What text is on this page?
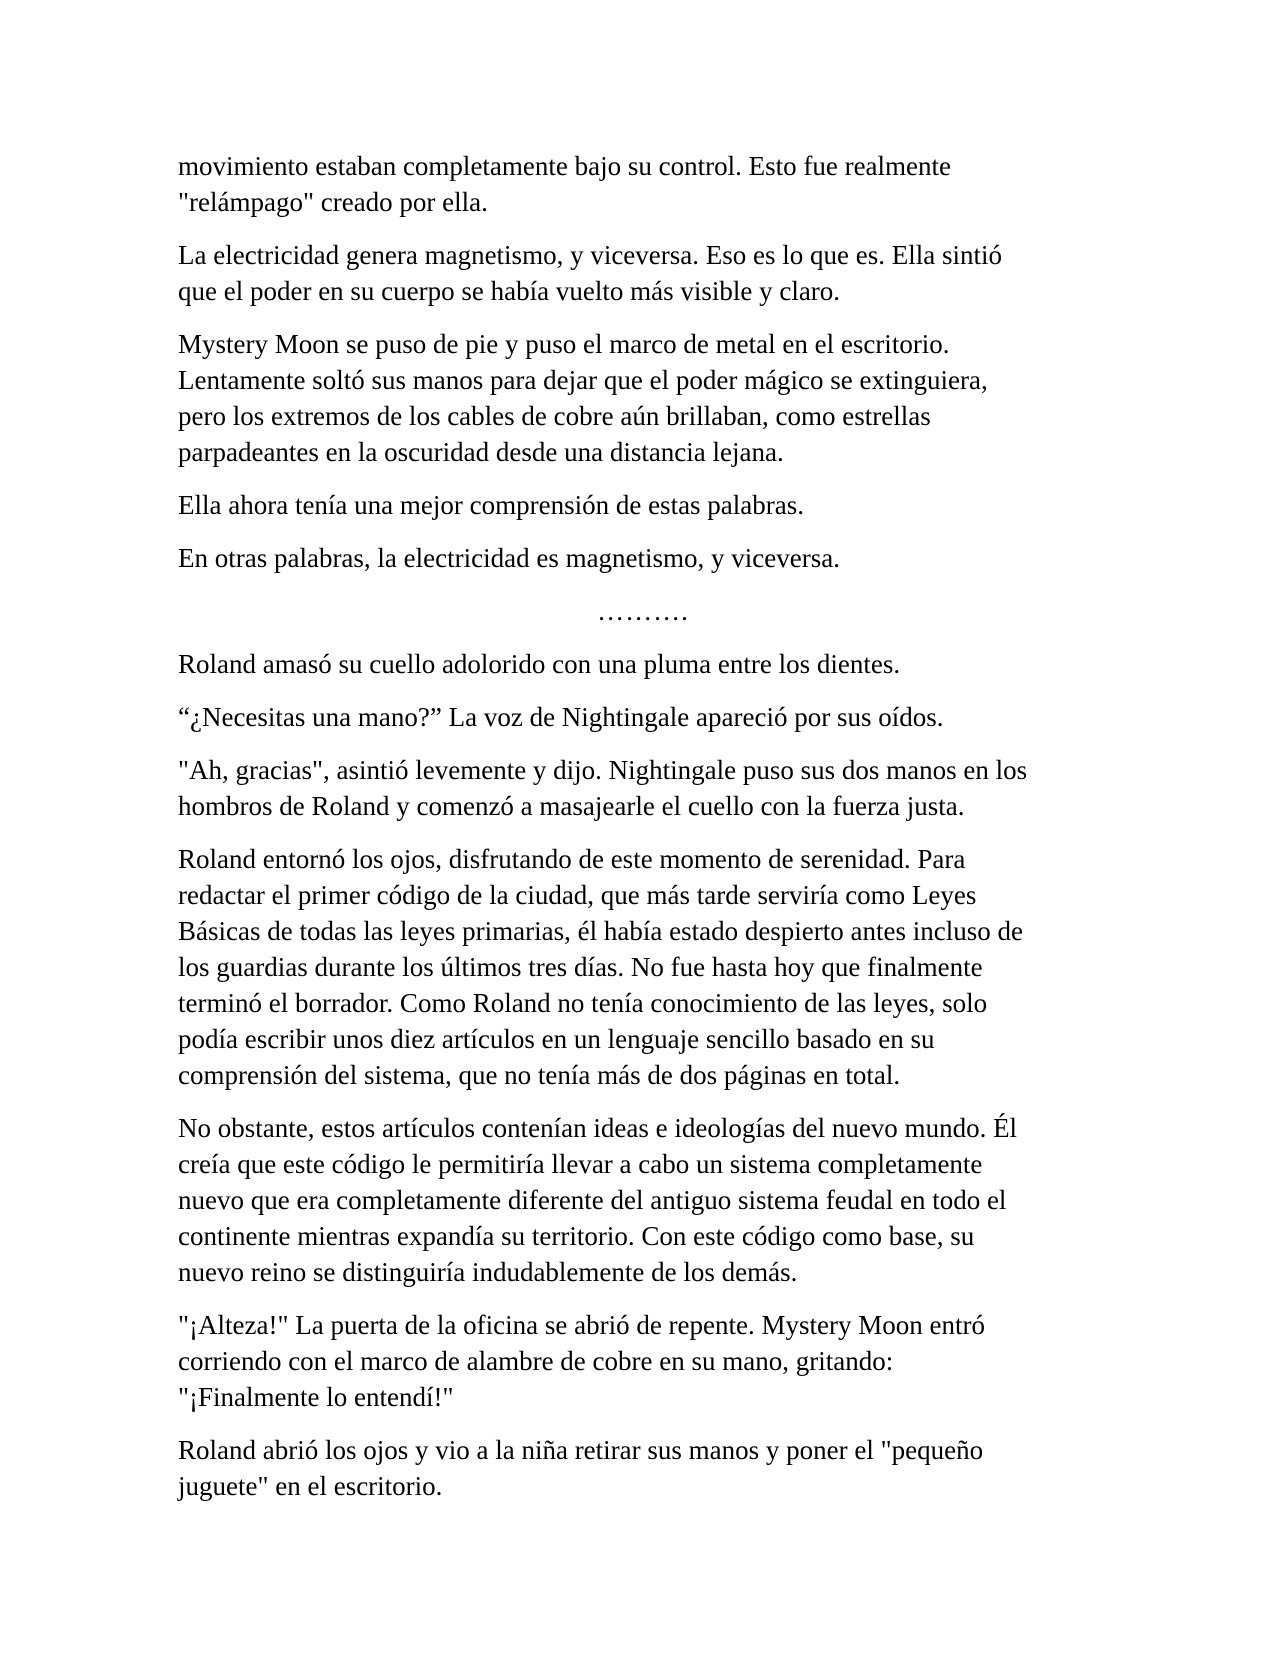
movimiento estaban completamente bajo su control. Esto fue realmente
"relámpago" creado por ella.

La electricidad genera magnetismo, y viceversa. Eso es lo que es. Ella sintió
que el poder en su cuerpo se había vuelto más visible y claro.

Mystery Moon se puso de pie y puso el marco de metal en el escritorio.
Lentamente soltó sus manos para dejar que el poder mágico se extinguiera,
pero los extremos de los cables de cobre aún brillaban, como estrellas
parpadeantes en la oscuridad desde una distancia lejana.

Ella ahora tenía una mejor comprensión de estas palabras.

En otras palabras, la electricidad es magnetismo, y viceversa.

……….

Roland amasó su cuello adolorido con una pluma entre los dientes.

“¿Necesitas una mano?” La voz de Nightingale apareció por sus oídos.

"Ah, gracias", asintió levemente y dijo. Nightingale puso sus dos manos en los
hombros de Roland y comenzó a masajearle el cuello con la fuerza justa.

Roland entornó los ojos, disfrutando de este momento de serenidad. Para
redactar el primer código de la ciudad, que más tarde serviría como Leyes
Básicas de todas las leyes primarias, él había estado despierto antes incluso de
los guardias durante los últimos tres días. No fue hasta hoy que finalmente
terminó el borrador. Como Roland no tenía conocimiento de las leyes, solo
podía escribir unos diez artículos en un lenguaje sencillo basado en su
comprensión del sistema, que no tenía más de dos páginas en total.

No obstante, estos artículos contenían ideas e ideologías del nuevo mundo. Él
creía que este código le permitiría llevar a cabo un sistema completamente
nuevo que era completamente diferente del antiguo sistema feudal en todo el
continente mientras expandía su territorio. Con este código como base, su
nuevo reino se distinguiría indudablemente de los demás.

"¡Alteza!" La puerta de la oficina se abrió de repente. Mystery Moon entró
corriendo con el marco de alambre de cobre en su mano, gritando:
"¡Finalmente lo entendí!"

Roland abrió los ojos y vio a la niña retirar sus manos y poner el "pequeño
juguete" en el escritorio.
